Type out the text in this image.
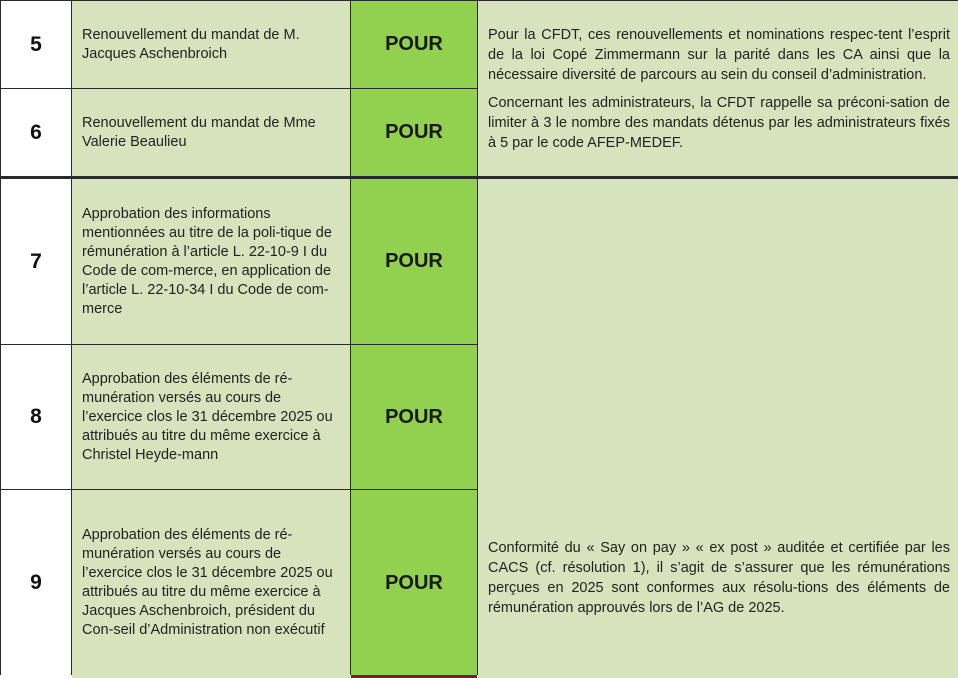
5	Renouvellement du mandat de M. Jacques Aschenbroich	POUR	Pour la CFDT, ces renouvellements et nominations respec-tent l’esprit de la loi Copé Zimmermann sur la parité dans les CA ainsi que la nécessaire diversité de parcours au sein du conseil d’administration.

Concernant les administrateurs, la CFDT rappelle sa préconi-sation de limiter à 3 le nombre des mandats détenus par les administrateurs fixés à 5 par le code AFEP-MEDEF.

6	Renouvellement du mandat de Mme Valerie Beaulieu	POUR	
7	Approbation des informations mentionnées au titre de la poli-tique de rémunération à l’article L. 22-10-9 I du Code de com-merce, en application de l’article L. 22-10-34 I du Code de com-merce	POUR	Conformité du « Say on pay » « ex post » auditée et certifiée par les CACS (cf. résolution 1), il s’agit de s’assurer que les rémunérations perçues en 2025 sont conformes aux résolu-tions des éléments de rémunération approuvés lors de l’AG de 2025.

8	Approbation des éléments de ré-munération versés au cours de l’exercice clos le 31 décembre 2025 ou attribués au titre du même exercice à Christel Heyde-mann	POUR	
9	Approbation des éléments de ré-munération versés au cours de l’exercice clos le 31 décembre 2025 ou attribués au titre du même exercice à Jacques Aschenbroich, président du Con-seil d’Administration non exécutif	POUR	
